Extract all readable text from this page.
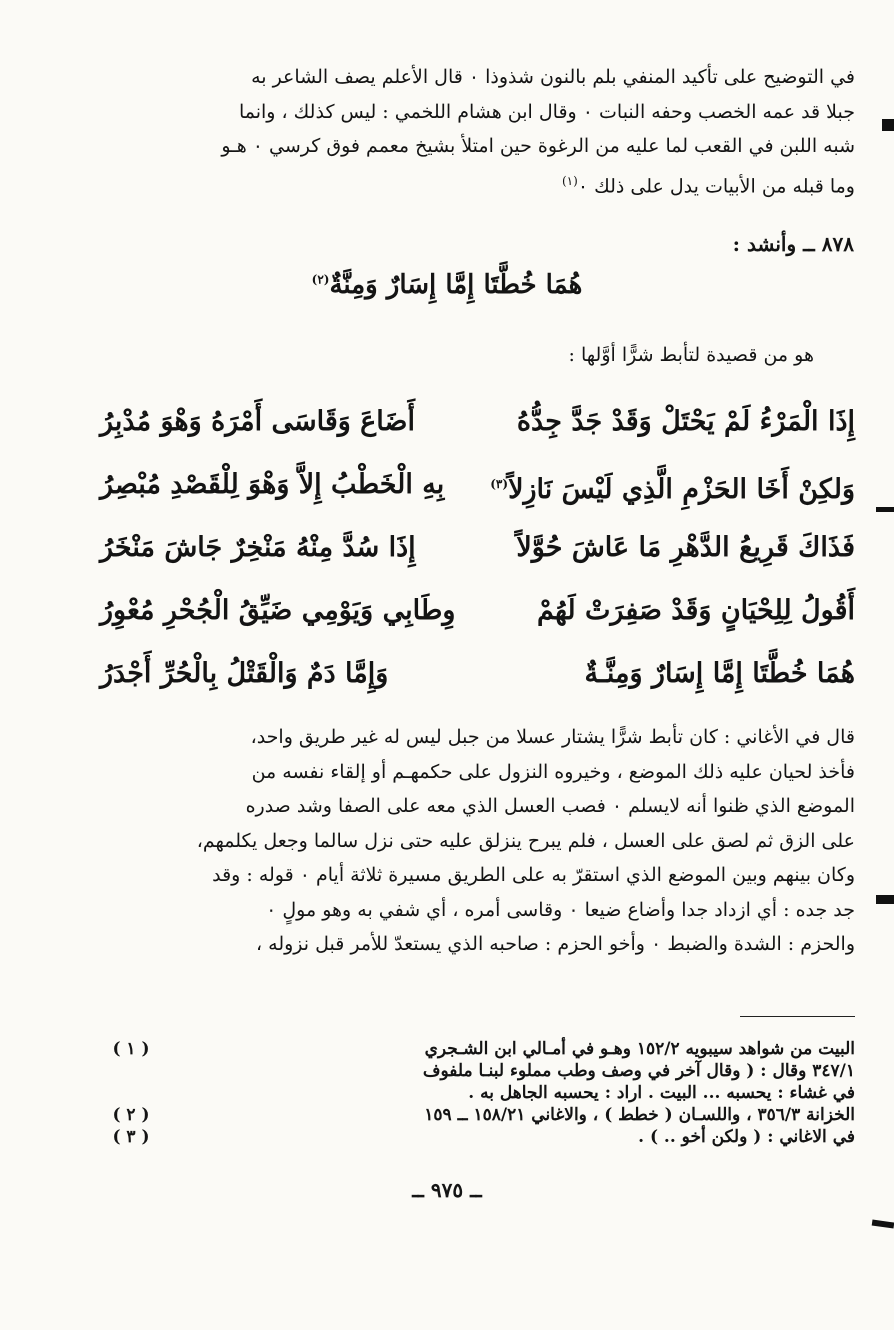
في التوضيح على تأكيد المنفي بلم بالنون شذوذا ٠ قال الأعلم يصف الشاعر به
جبلا قد عمه الخصب وحفه النبات ٠ وقال ابن هشام اللخمي : ليس كذلك ، وانما
شبه اللبن في القعب لما عليه من الرغوة حين امتلأ بشيخ معمم فوق كرسي ٠ هـو
وما قبله من الأبيات يدل على ذلك ٠$^{(١)}$
٨٧٨ ــ وأنشد :
هُمَا خُطَّتَا إِمَّا إِسَارٌ وَمِنَّةٌ$^{(٢)}$
هو من قصيدة لتأبط شرًّا أوَّلها :
إِذَا الْمَرْءُ لَمْ يَحْتَلْ وَقَدْ جَدَّ جِدُّهُ
أَضَاعَ وَقَاسَى أَمْرَهُ وَهْوَ مُدْبِرُ
وَلكِنْ أَخَا الحَزْمِ الَّذِي لَيْسَ نَازِلاً$^{(٣)}$
بِهِ الْخَطْبُ إِلاَّ وَهْوَ لِلْقَصْدِ مُبْصِرُ
فَذَاكَ قَرِيعُ الدَّهْرِ مَا عَاشَ حُوَّلاً
إِذَا سُدَّ مِنْهُ مَنْخِرٌ جَاشَ مَنْخَرُ
أَقُولُ لِلِحْيَانٍ وَقَدْ صَفِرَتْ لَهُمْ
وِطَابِي وَيَوْمِي ضَيِّقُ الْجُحْرِ مُعْوِرُ
هُمَا خُطَّتَا إِمَّا إِسَارٌ وَمِنَّـةٌ
وَإِمَّا دَمٌ وَالْقَتْلُ بِالْحُرِّ أَجْدَرُ
قال في الأغاني : كان تأبط شرًّا يشتار عسلا من جبل ليس له غير طريق واحد،
فأخذ لحيان عليه ذلك الموضع ، وخيروه النزول على حكمهـم أو إلقاء نفسه من
الموضع الذي ظنوا أنه لايسلم ٠ فصب العسل الذي معه على الصفا وشد صدره
على الزق ثم لصق على العسل ، فلم يبرح ينزلق عليه حتى نزل سالما وجعل يكلمهم،
وكان بينهم وبين الموضع الذي استقرّ به على الطريق مسيرة ثلاثة أيام ٠ قوله : وقد
جد جده : أي ازداد جدا وأضاع ضيعا ٠ وقاسى أمره ، أي شفي به وهو مولٍ ٠
والحزم : الشدة والضبط ٠ وأخو الحزم : صاحبه الذي يستعدّ للأمر قبل نزوله ،
( ١ )	البيت من شواهد سيبويه ١٥٢/٢ وهـو في أمـالي ابن الشـجري
٣٤٧/١ وقال : ( وقال آخر في وصف وطب مملوء لبنـا ملفوف
في غشاء : يحسبه ... البيت . اراد : يحسبه الجاهل به .
( ٢ )	الخزانة ٣٥٦/٣ ، واللسـان ( خطط ) ، والاغاني ١٥٨/٢١ ــ ١٥٩
( ٣ )	في الاغاني : ( ولكن أخو .. ) .
ــ ٩٧٥ ــ
